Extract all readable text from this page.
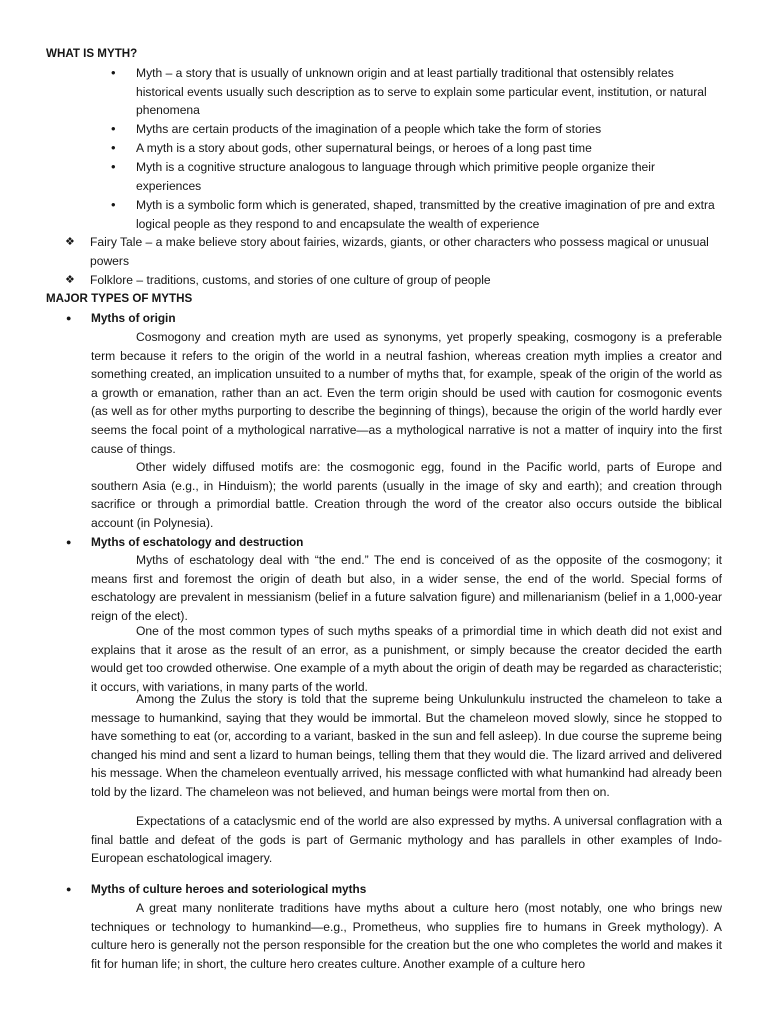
WHAT IS MYTH?
• Myth – a story that is usually of unknown origin and at least partially traditional that ostensibly relates historical events usually such description as to serve to explain some particular event, institution, or natural phenomena
• Myths are certain products of the imagination of a people which take the form of stories
• A myth is a story about gods, other supernatural beings, or heroes of a long past time
• Myth is a cognitive structure analogous to language through which primitive people organize their experiences
• Myth is a symbolic form which is generated, shaped, transmitted by the creative imagination of pre and extra logical people as they respond to and encapsulate the wealth of experience
❖ Fairy Tale – a make believe story about fairies, wizards, giants, or other characters who possess magical or unusual powers
❖ Folklore – traditions, customs, and stories of one culture of group of people
MAJOR TYPES OF MYTHS
● Myths of origin
Cosmogony and creation myth are used as synonyms, yet properly speaking, cosmogony is a preferable term because it refers to the origin of the world in a neutral fashion, whereas creation myth implies a creator and something created, an implication unsuited to a number of myths that, for example, speak of the origin of the world as a growth or emanation, rather than an act. Even the term origin should be used with caution for cosmogonic events (as well as for other myths purporting to describe the beginning of things), because the origin of the world hardly ever seems the focal point of a mythological narrative—as a mythological narrative is not a matter of inquiry into the first cause of things.
Other widely diffused motifs are: the cosmogonic egg, found in the Pacific world, parts of Europe and southern Asia (e.g., in Hinduism); the world parents (usually in the image of sky and earth); and creation through sacrifice or through a primordial battle. Creation through the word of the creator also occurs outside the biblical account (in Polynesia).
● Myths of eschatology and destruction
Myths of eschatology deal with “the end.” The end is conceived of as the opposite of the cosmogony; it means first and foremost the origin of death but also, in a wider sense, the end of the world. Special forms of eschatology are prevalent in messianism (belief in a future salvation figure) and millenarianism (belief in a 1,000-year reign of the elect).
One of the most common types of such myths speaks of a primordial time in which death did not exist and explains that it arose as the result of an error, as a punishment, or simply because the creator decided the earth would get too crowded otherwise. One example of a myth about the origin of death may be regarded as characteristic; it occurs, with variations, in many parts of the world.
Among the Zulus the story is told that the supreme being Unkulunkulu instructed the chameleon to take a message to humankind, saying that they would be immortal. But the chameleon moved slowly, since he stopped to have something to eat (or, according to a variant, basked in the sun and fell asleep). In due course the supreme being changed his mind and sent a lizard to human beings, telling them that they would die. The lizard arrived and delivered his message. When the chameleon eventually arrived, his message conflicted with what humankind had already been told by the lizard. The chameleon was not believed, and human beings were mortal from then on.
Expectations of a cataclysmic end of the world are also expressed by myths. A universal conflagration with a final battle and defeat of the gods is part of Germanic mythology and has parallels in other examples of Indo-European eschatological imagery.
● Myths of culture heroes and soteriological myths
A great many nonliterate traditions have myths about a culture hero (most notably, one who brings new techniques or technology to humankind—e.g., Prometheus, who supplies fire to humans in Greek mythology). A culture hero is generally not the person responsible for the creation but the one who completes the world and makes it fit for human life; in short, the culture hero creates culture. Another example of a culture hero
